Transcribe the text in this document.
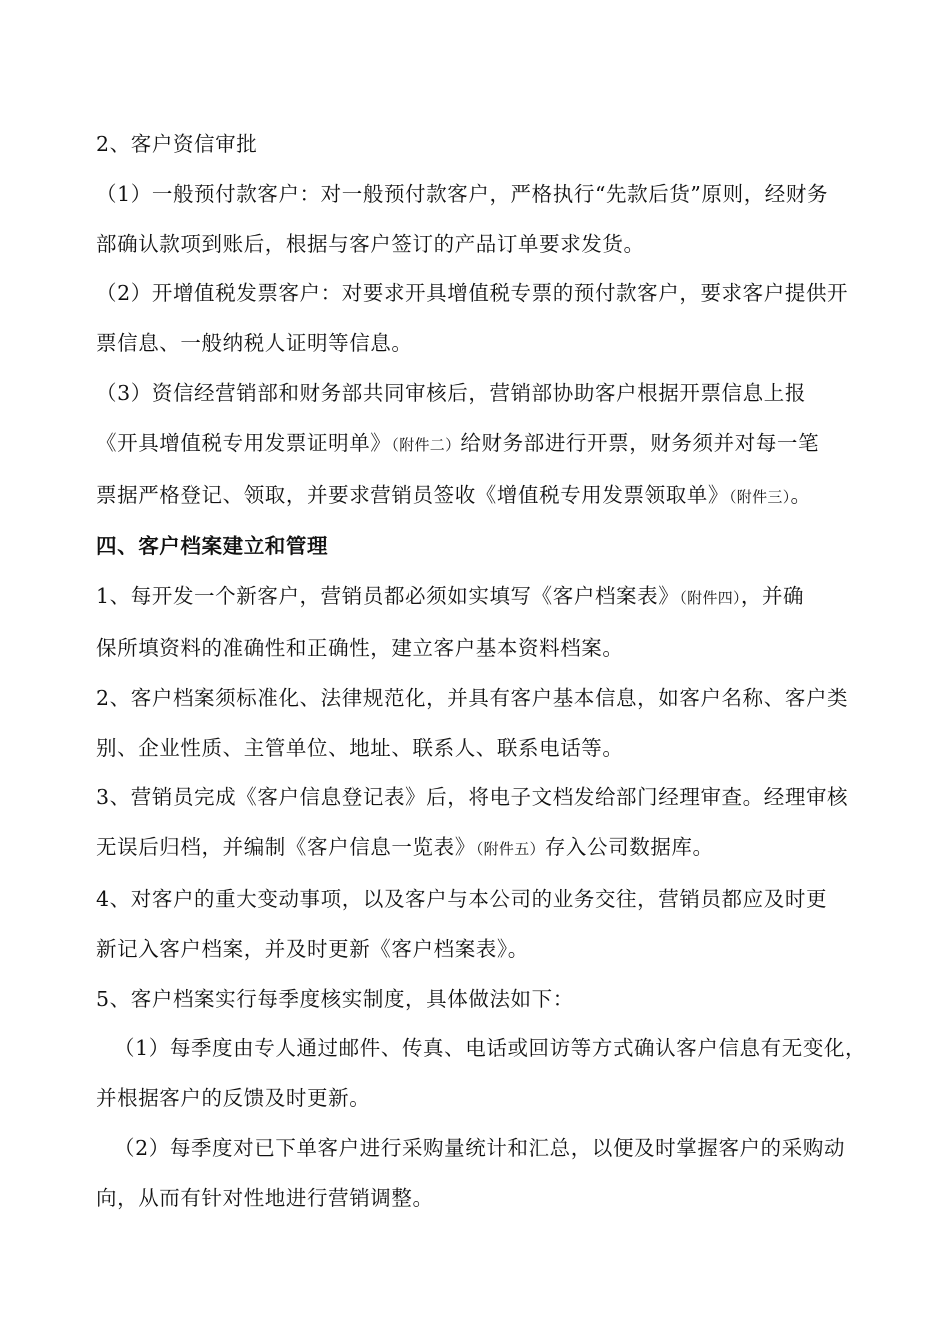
2、客户资信审批

（1）一般预付款客户：对一般预付款客户，严格执行“先款后货”原则，经财务
部确认款项到账后，根据与客户签订的产品订单要求发货。

（2）开增值税发票客户：对要求开具增值税专票的预付款客户，要求客户提供开
票信息、一般纳税人证明等信息。

（3）资信经营销部和财务部共同审核后，营销部协助客户根据开票信息上报
《开具增值税专用发票证明单》（附件二）给财务部进行开票，财务须并对每一笔
票据严格登记、领取，并要求营销员签收《增值税专用发票领取单》（附件三）。

四、客户档案建立和管理

1、每开发一个新客户，营销员都必须如实填写《客户档案表》（附件四），并确
保所填资料的准确性和正确性，建立客户基本资料档案。

2、客户档案须标准化、法律规范化，并具有客户基本信息，如客户名称、客户类
别、企业性质、主管单位、地址、联系人、联系电话等。

3、营销员完成《客户信息登记表》后，将电子文档发给部门经理审查。经理审核
无误后归档，并编制《客户信息一览表》（附件五）存入公司数据库。

4、对客户的重大变动事项，以及客户与本公司的业务交往，营销员都应及时更
新记入客户档案，并及时更新《客户档案表》。

5、客户档案实行每季度核实制度，具体做法如下：

（1）每季度由专人通过邮件、传真、电话或回访等方式确认客户信息有无变化，
并根据客户的反馈及时更新。

（2）每季度对已下单客户进行采购量统计和汇总，以便及时掌握客户的采购动
向，从而有针对性地进行营销调整。
